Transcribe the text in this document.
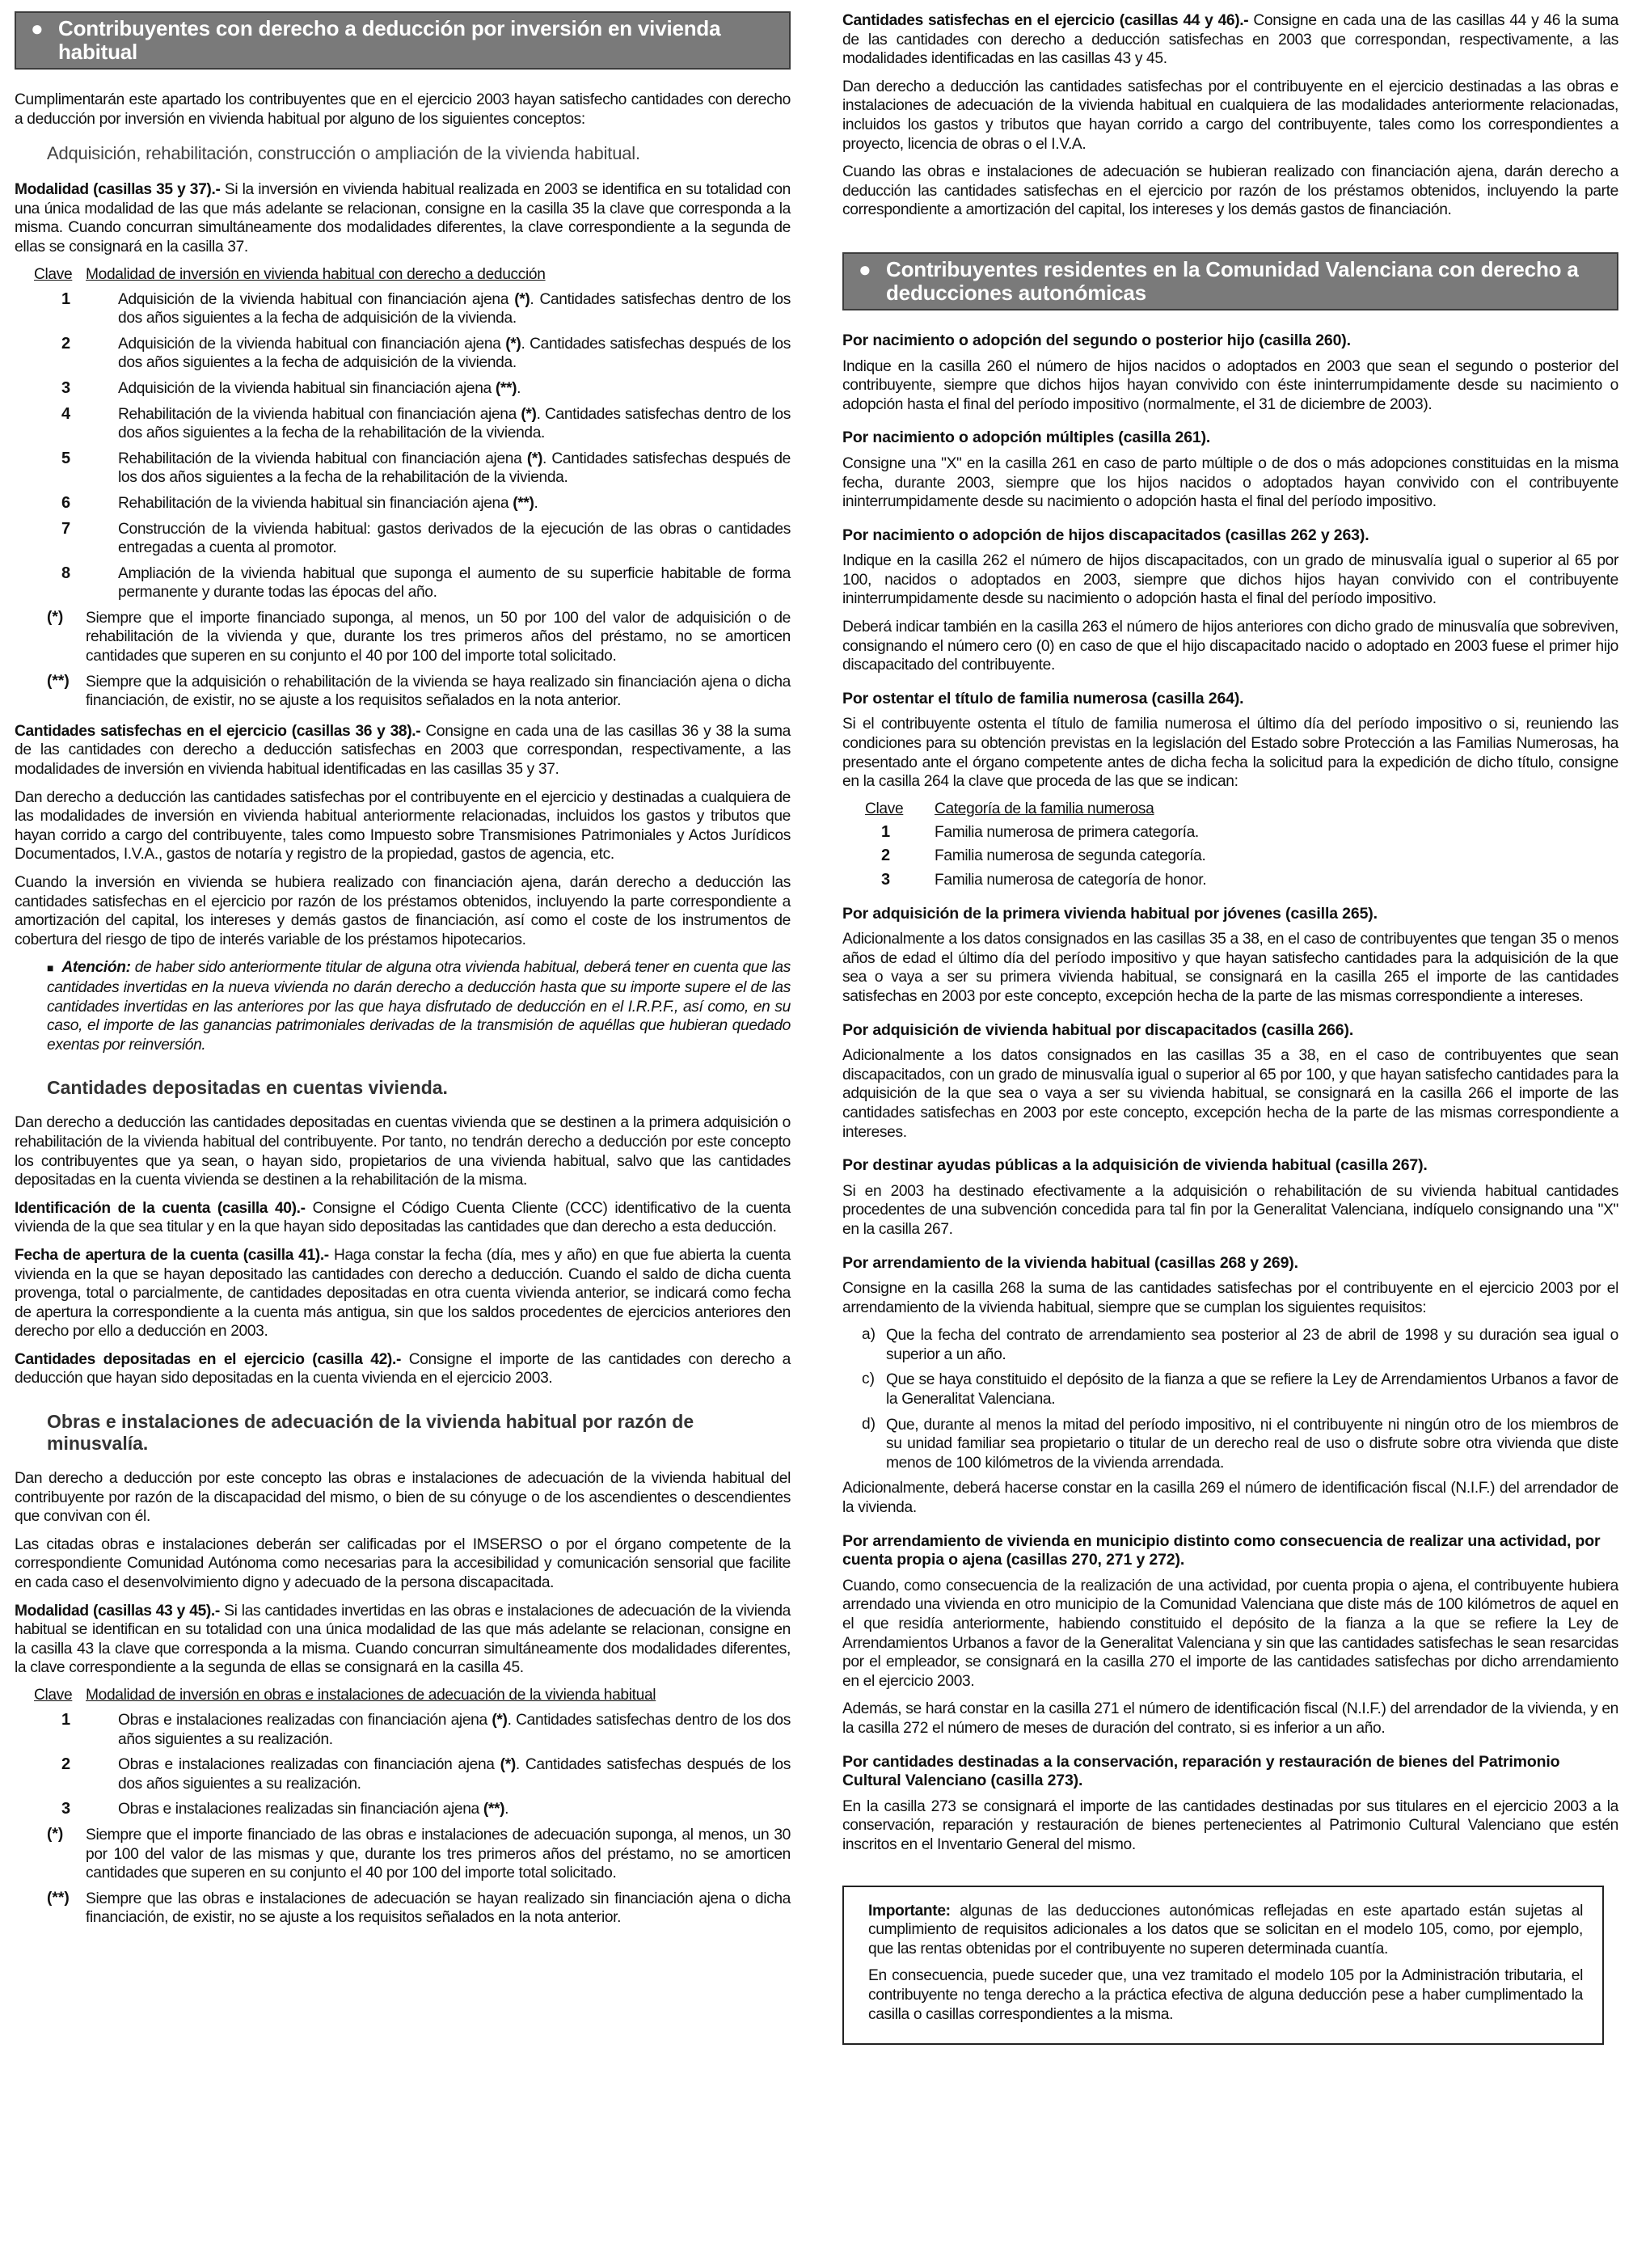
● Contribuyentes con derecho a deducción por inversión en vivienda habitual

Cumplimentarán este apartado los contribuyentes que en el ejercicio 2003 hayan satisfecho cantidades con derecho a deducción por inversión en vivienda habitual por alguno de los siguientes conceptos:

Adquisición, rehabilitación, construcción o ampliación de la vivienda habitual.

Modalidad (casillas 35 y 37).- Si la inversión en vivienda habitual realizada en 2003 se identifica en su totalidad con una única modalidad de las que más adelante se relacionan, consigne en la casilla 35 la clave que corresponda a la misma. Cuando concurran simultáneamente dos modalidades diferentes, la clave correspondiente a la segunda de ellas se consignará en la casilla 37.

Clave Modalidad de inversión en vivienda habitual con derecho a deducción
1	Adquisición de la vivienda habitual con financiación ajena (*). Cantidades satisfechas dentro de los dos años siguientes a la fecha de adquisición de la vivienda.

2	Adquisición de la vivienda habitual con financiación ajena (*). Cantidades satisfechas después de los dos años siguientes a la fecha de adquisición de la vivienda.

3	Adquisición de la vivienda habitual sin financiación ajena (**).

4	Rehabilitación de la vivienda habitual con financiación ajena (*). Cantidades satisfechas dentro de los dos años siguientes a la fecha de la rehabilitación de la vivienda.

5	Rehabilitación de la vivienda habitual con financiación ajena (*). Cantidades satisfechas después de los dos años siguientes a la fecha de la rehabilitación de la vivienda.

6	Rehabilitación de la vivienda habitual sin financiación ajena (**).

7	Construcción de la vivienda habitual: gastos derivados de la ejecución de las obras o cantidades entregadas a cuenta al promotor.

8	Ampliación de la vivienda habitual que suponga el aumento de su superficie habitable de forma permanente y durante todas las épocas del año.

(*)	Siempre que el importe financiado suponga, al menos, un 50 por 100 del valor de adquisición o de rehabilitación de la vivienda y que, durante los tres primeros años del préstamo, no se amorticen cantidades que superen en su conjunto el 40 por 100 del importe total solicitado.

(**)	Siempre que la adquisición o rehabilitación de la vivienda se haya realizado sin financiación ajena o dicha financiación, de existir, no se ajuste a los requisitos señalados en la nota anterior.

Cantidades satisfechas en el ejercicio (casillas 36 y 38).- Consigne en cada una de las casillas 36 y 38 la suma de las cantidades con derecho a deducción satisfechas en 2003 que correspondan, respectivamente, a las modalidades de inversión en vivienda habitual identificadas en las casillas 35 y 37.

Dan derecho a deducción las cantidades satisfechas por el contribuyente en el ejercicio y destinadas a cualquiera de las modalidades de inversión en vivienda habitual anteriormente relacionadas, incluidos los gastos y tributos que hayan corrido a cargo del contribuyente, tales como Impuesto sobre Transmisiones Patrimoniales y Actos Jurídicos Documentados, I.V.A., gastos de notaría y registro de la propiedad, gastos de agencia, etc.

Cuando la inversión en vivienda se hubiera realizado con financiación ajena, darán derecho a deducción las cantidades satisfechas en el ejercicio por razón de los préstamos obtenidos, incluyendo la parte correspondiente a amortización del capital, los intereses y demás gastos de financiación, así como el coste de los instrumentos de cobertura del riesgo de tipo de interés variable de los préstamos hipotecarios.

■ Atención: de haber sido anteriormente titular de alguna otra vivienda habitual, deberá tener en cuenta que las cantidades invertidas en la nueva vivienda no darán derecho a deducción hasta que su importe supere el de las cantidades invertidas en las anteriores por las que haya disfrutado de deducción en el I.R.P.F., así como, en su caso, el importe de las ganancias patrimoniales derivadas de la transmisión de aquéllas que hubieran quedado exentas por reinversión.

Cantidades depositadas en cuentas vivienda.

Dan derecho a deducción las cantidades depositadas en cuentas vivienda que se destinen a la primera adquisición o rehabilitación de la vivienda habitual del contribuyente. Por tanto, no tendrán derecho a deducción por este concepto los contribuyentes que ya sean, o hayan sido, propietarios de una vivienda habitual, salvo que las cantidades depositadas en la cuenta vivienda se destinen a la rehabilitación de la misma.

Identificación de la cuenta (casilla 40).- Consigne el Código Cuenta Cliente (CCC) identificativo de la cuenta vivienda de la que sea titular y en la que hayan sido depositadas las cantidades que dan derecho a esta deducción.

Fecha de apertura de la cuenta (casilla 41).- Haga constar la fecha (día, mes y año) en que fue abierta la cuenta vivienda en la que se hayan depositado las cantidades con derecho a deducción. Cuando el saldo de dicha cuenta provenga, total o parcialmente, de cantidades depositadas en otra cuenta vivienda anterior, se indicará como fecha de apertura la correspondiente a la cuenta más antigua, sin que los saldos procedentes de ejercicios anteriores den derecho por ello a deducción en 2003.

Cantidades depositadas en el ejercicio (casilla 42).- Consigne el importe de las cantidades con derecho a deducción que hayan sido depositadas en la cuenta vivienda en el ejercicio 2003.

Obras e instalaciones de adecuación de la vivienda habitual por razón de minusvalía.

Dan derecho a deducción por este concepto las obras e instalaciones de adecuación de la vivienda habitual del contribuyente por razón de la discapacidad del mismo, o bien de su cónyuge o de los ascendientes o descendientes que convivan con él.

Las citadas obras e instalaciones deberán ser calificadas por el IMSERSO o por el órgano competente de la correspondiente Comunidad Autónoma como necesarias para la accesibilidad y comunicación sensorial que facilite en cada caso el desenvolvimiento digno y adecuado de la persona discapacitada.

Modalidad (casillas 43 y 45).- Si las cantidades invertidas en las obras e instalaciones de adecuación de la vivienda habitual se identifican en su totalidad con una única modalidad de las que más adelante se relacionan, consigne en la casilla 43 la clave que corresponda a la misma. Cuando concurran simultáneamente dos modalidades diferentes, la clave correspondiente a la segunda de ellas se consignará en la casilla 45.

Clave Modalidad de inversión en obras e instalaciones de adecuación de la vivienda habitual
1	Obras e instalaciones realizadas con financiación ajena (*). Cantidades satisfechas dentro de los dos años siguientes a su realización.

2	Obras e instalaciones realizadas con financiación ajena (*). Cantidades satisfechas después de los dos años siguientes a su realización.

3	Obras e instalaciones realizadas sin financiación ajena (**).

(*)	Siempre que el importe financiado de las obras e instalaciones de adecuación suponga, al menos, un 30 por 100 del valor de las mismas y que, durante los tres primeros años del préstamo, no se amorticen cantidades que superen en su conjunto el 40 por 100 del importe total solicitado.

(**)	Siempre que las obras e instalaciones de adecuación se hayan realizado sin financiación ajena o dicha financiación, de existir, no se ajuste a los requisitos señalados en la nota anterior.

Cantidades satisfechas en el ejercicio (casillas 44 y 46).- Consigne en cada una de las casillas 44 y 46 la suma de las cantidades con derecho a deducción satisfechas en 2003 que correspondan, respectivamente, a las modalidades identificadas en las casillas 43 y 45.

Dan derecho a deducción las cantidades satisfechas por el contribuyente en el ejercicio destinadas a las obras e instalaciones de adecuación de la vivienda habitual en cualquiera de las modalidades anteriormente relacionadas, incluidos los gastos y tributos que hayan corrido a cargo del contribuyente, tales como los correspondientes a proyecto, licencia de obras o el I.V.A.

Cuando las obras e instalaciones de adecuación se hubieran realizado con financiación ajena, darán derecho a deducción las cantidades satisfechas en el ejercicio por razón de los préstamos obtenidos, incluyendo la parte correspondiente a amortización del capital, los intereses y los demás gastos de financiación.

● Contribuyentes residentes en la Comunidad Valenciana con derecho a deducciones autonómicas
Por nacimiento o adopción del segundo o posterior hijo (casilla 260).

Indique en la casilla 260 el número de hijos nacidos o adoptados en 2003 que sean el segundo o posterior del contribuyente, siempre que dichos hijos hayan convivido con éste ininterrumpidamente desde su nacimiento o adopción hasta el final del período impositivo (normalmente, el 31 de diciembre de 2003).

Por nacimiento o adopción múltiples (casilla 261).

Consigne una "X" en la casilla 261 en caso de parto múltiple o de dos o más adopciones constituidas en la misma fecha, durante 2003, siempre que los hijos nacidos o adoptados hayan convivido con el contribuyente ininterrumpidamente desde su nacimiento o adopción hasta el final del período impositivo.

Por nacimiento o adopción de hijos discapacitados (casillas 262 y 263).

Indique en la casilla 262 el número de hijos discapacitados, con un grado de minusvalía igual o superior al 65 por 100, nacidos o adoptados en 2003, siempre que dichos hijos hayan convivido con el contribuyente ininterrumpidamente desde su nacimiento o adopción hasta el final del período impositivo.

Deberá indicar también en la casilla 263 el número de hijos anteriores con dicho grado de minusvalía que sobreviven, consignando el número cero (0) en caso de que el hijo discapacitado nacido o adoptado en 2003 fuese el primer hijo discapacitado del contribuyente.

Por ostentar el título de familia numerosa (casilla 264).

Si el contribuyente ostenta el título de familia numerosa el último día del período impositivo o si, reuniendo las condiciones para su obtención previstas en la legislación del Estado sobre Protección a las Familias Numerosas, ha presentado ante el órgano competente antes de dicha fecha la solicitud para la expedición de dicho título, consigne en la casilla 264 la clave que proceda de las que se indican:

Clave	Categoría de la familia numerosa
1	Familia numerosa de primera categoría.

2	Familia numerosa de segunda categoría.

3	Familia numerosa de categoría de honor.

Por adquisición de la primera vivienda habitual por jóvenes (casilla 265).

Adicionalmente a los datos consignados en las casillas 35 a 38, en el caso de contribuyentes que tengan 35 o menos años de edad el último día del período impositivo y que hayan satisfecho cantidades para la adquisición de la que sea o vaya a ser su primera vivienda habitual, se consignará en la casilla 265 el importe de las cantidades satisfechas en 2003 por este concepto, excepción hecha de la parte de las mismas correspondiente a intereses.

Por adquisición de vivienda habitual por discapacitados (casilla 266).

Adicionalmente a los datos consignados en las casillas 35 a 38, en el caso de contribuyentes que sean discapacitados, con un grado de minusvalía igual o superior al 65 por 100, y que hayan satisfecho cantidades para la adquisición de la que sea o vaya a ser su vivienda habitual, se consignará en la casilla 266 el importe de las cantidades satisfechas en 2003 por este concepto, excepción hecha de la parte de las mismas correspondiente a intereses.

Por destinar ayudas públicas a la adquisición de vivienda habitual (casilla 267).

Si en 2003 ha destinado efectivamente a la adquisición o rehabilitación de su vivienda habitual cantidades procedentes de una subvención concedida para tal fin por la Generalitat Valenciana, indíquelo consignando una "X" en la casilla 267.

Por arrendamiento de la vivienda habitual (casillas 268 y 269).

Consigne en la casilla 268 la suma de las cantidades satisfechas por el contribuyente en el ejercicio 2003 por el arrendamiento de la vivienda habitual, siempre que se cumplan los siguientes requisitos:

a) Que la fecha del contrato de arrendamiento sea posterior al 23 de abril de 1998 y su duración sea igual o superior a un año.

c) Que se haya constituido el depósito de la fianza a que se refiere la Ley de Arrendamientos Urbanos a favor de la Generalitat Valenciana.

d) Que, durante al menos la mitad del período impositivo, ni el contribuyente ni ningún otro de los miembros de su unidad familiar sea propietario o titular de un derecho real de uso o disfrute sobre otra vivienda que diste menos de 100 kilómetros de la vivienda arrendada.

Adicionalmente, deberá hacerse constar en la casilla 269 el número de identificación fiscal (N.I.F.) del arrendador de la vivienda.

Por arrendamiento de vivienda en municipio distinto como consecuencia de realizar una actividad, por cuenta propia o ajena (casillas 270, 271 y 272).

Cuando, como consecuencia de la realización de una actividad, por cuenta propia o ajena, el contribuyente hubiera arrendado una vivienda en otro municipio de la Comunidad Valenciana que diste más de 100 kilómetros de aquel en el que residía anteriormente, habiendo constituido el depósito de la fianza a la que se refiere la Ley de Arrendamientos Urbanos a favor de la Generalitat Valenciana y sin que las cantidades satisfechas le sean resarcidas por el empleador, se consignará en la casilla 270 el importe de las cantidades satisfechas por dicho arrendamiento en el ejercicio 2003.

Además, se hará constar en la casilla 271 el número de identificación fiscal (N.I.F.) del arrendador de la vivienda, y en la casilla 272 el número de meses de duración del contrato, si es inferior a un año.

Por cantidades destinadas a la conservación, reparación y restauración de bienes del Patrimonio Cultural Valenciano (casilla 273).

En la casilla 273 se consignará el importe de las cantidades destinadas por sus titulares en el ejercicio 2003 a la conservación, reparación y restauración de bienes pertenecientes al Patrimonio Cultural Valenciano que estén inscritos en el Inventario General del mismo.

Importante: algunas de las deducciones autonómicas reflejadas en este apartado están sujetas al cumplimiento de requisitos adicionales a los datos que se solicitan en el modelo 105, como, por ejemplo, que las rentas obtenidas por el contribuyente no superen determinada cuantía.

En consecuencia, puede suceder que, una vez tramitado el modelo 105 por la Administración tributaria, el contribuyente no tenga derecho a la práctica efectiva de alguna deducción pese a haber cumplimentado la casilla o casillas correspondientes a la misma.
